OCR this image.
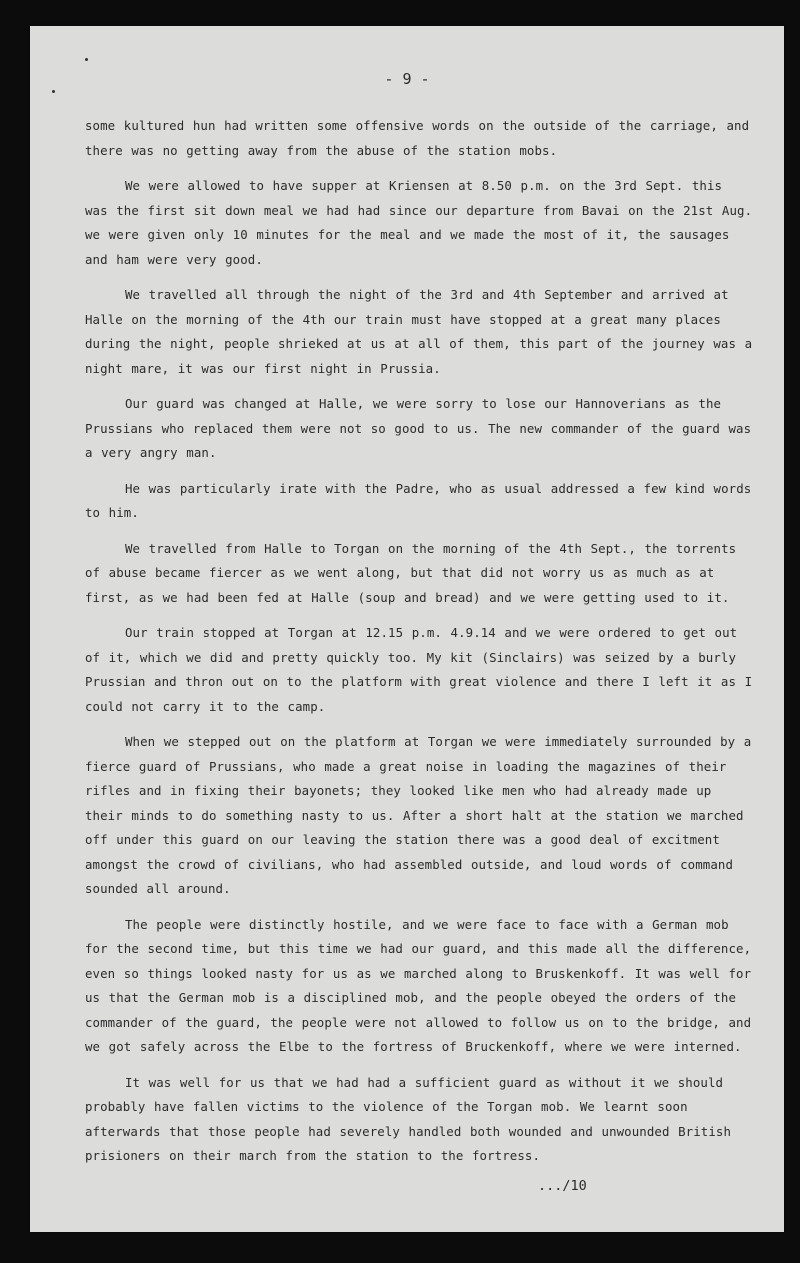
- 9 -

some kultured hun had written some offensive words on the outside of the carriage, and there was no getting away from the abuse of the station mobs.

We were allowed to have supper at Kriensen at 8.50 p.m. on the 3rd Sept. this was the first sit down meal we had had since our departure from Bavai on the 21st Aug. we were given only 10 minutes for the meal and we made the most of it, the sausages and ham were very good.

We travelled all through the night of the 3rd and 4th September and arrived at Halle on the morning of the 4th our train must have stopped at a great many places during the night, people shrieked at us at all of them, this part of the journey was a night mare, it was our first night in Prussia.

Our guard was changed at Halle, we were sorry to lose our Hannoverians as the Prussians who replaced them were not so good to us. The new commander of the guard was a very angry man.

He was particularly irate with the Padre, who as usual addressed a few kind words to him.

We travelled from Halle to Torgan on the morning of the 4th Sept., the torrents of abuse became fiercer as we went along, but that did not worry us as much as at first, as we had been fed at Halle (soup and bread) and we were getting used to it.

Our train stopped at Torgan at 12.15 p.m. 4.9.14 and we were ordered to get out of it, which we did and pretty quickly too. My kit (Sinclairs) was seized by a burly Prussian and thron out on to the platform with great violence and there I left it as I could not carry it to the camp.

When we stepped out on the platform at Torgan we were immediately surrounded by a fierce guard of Prussians, who made a great noise in loading the magazines of their rifles and in fixing their bayonets; they looked like men who had already made up their minds to do something nasty to us. After a short halt at the station we marched off under this guard on our leaving the station there was a good deal of excitment amongst the crowd of civilians, who had assembled outside, and loud words of command sounded all around.

The people were distinctly hostile, and we were face to face with a German mob for the second time, but this time we had our guard, and this made all the difference, even so things looked nasty for us as we marched along to Bruskenkoff. It was well for us that the German mob is a disciplined mob, and the people obeyed the orders of the commander of the guard, the people were not allowed to follow us on to the bridge, and we got safely across the Elbe to the fortress of Bruckenkoff, where we were interned.

It was well for us that we had had a sufficient guard as without it we should probably have fallen victims to the violence of the Torgan mob. We learnt soon afterwards that those people had severely handled both wounded and unwounded British prisioners on their march from the station to the fortress.

.../10
